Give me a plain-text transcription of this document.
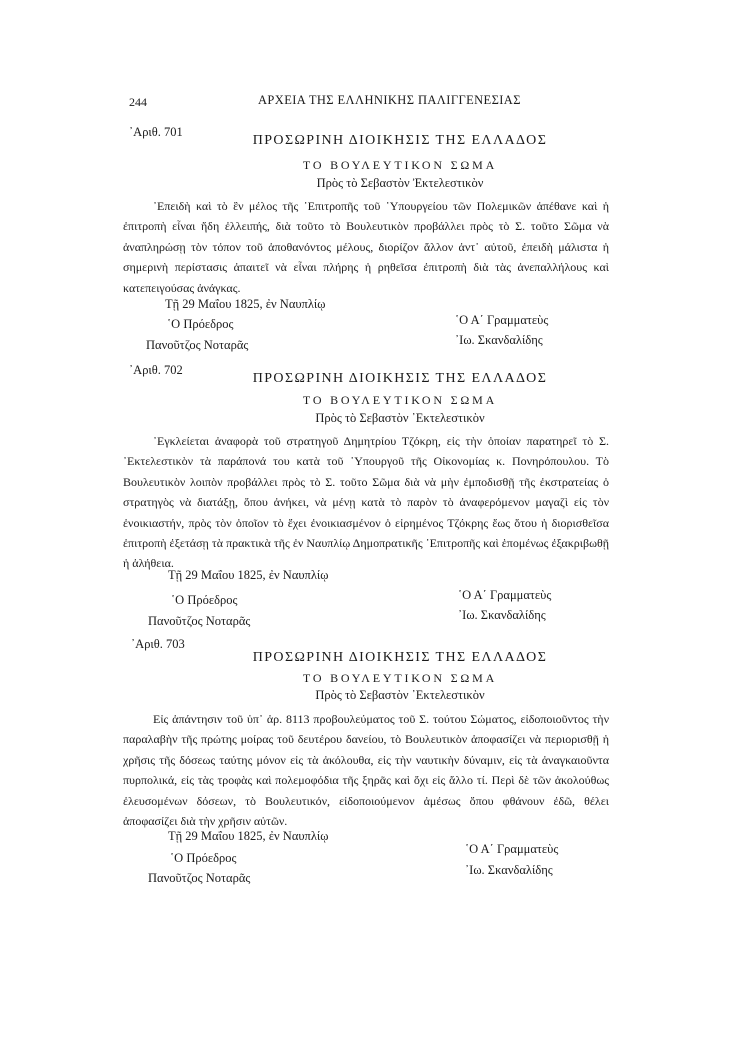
244	ΑΡΧΕΙΑ ΤΗΣ ΕΛΛΗΝΙΚΗΣ ΠΑΛΙΓΓΕΝΕΣΙΑΣ
᾿Αριθ. 701
ΠΡΟΣΩΡΙΝΗ ΔΙΟΙΚΗΣΙΣ ΤΗΣ ΕΛΛΑΔΟΣ
ΤΟ ΒΟΥΛΕΥΤΙΚΟΝ ΣΩΜΑ
Πρὸς τὸ Σεβαστὸν Ἐκτελεστικὸν
᾿Επειδὴ καὶ τὸ ἓν μέλος τῆς ᾿Επιτροπῆς τοῦ ῾Υπουργείου τῶν Πολεμικῶν ἀπέθανε καὶ ἡ ἐπιτροπὴ εἶναι ἤδη ἐλλειπής, διὰ τοῦτο τὸ Βουλευτικὸν προβάλλει πρὸς τὸ Σ. τοῦτο Σῶμα νὰ ἀναπληρώσῃ τὸν τόπον τοῦ ἀποθανόντος μέλους, διορίζον ἄλλον ἀντ᾿ αὐτοῦ, ἐπειδὴ μάλιστα ἡ σημερινὴ περίστασις ἀπαιτεῖ νὰ εἶναι πλήρης ἡ ρηθεῖσα ἐπιτροπὴ διὰ τὰς ἀνεπαλλήλους καὶ κατεπειγούσας ἀνάγκας.
Τῇ 29 Μαΐου 1825, ἐν Ναυπλίῳ
῾Ο Πρόεδρος
Πανοῦτζος Νοταρᾶς
῾Ο Α΄ Γραμματεὺς
᾿Ιω. Σκανδαλίδης
᾿Αριθ. 702
ΠΡΟΣΩΡΙΝΗ ΔΙΟΙΚΗΣΙΣ ΤΗΣ ΕΛΛΑΔΟΣ
ΤΟ ΒΟΥΛΕΥΤΙΚΟΝ ΣΩΜΑ
Πρὸς τὸ Σεβαστὸν ᾿Εκτελεστικὸν
᾿Εγκλείεται ἀναφορὰ τοῦ στρατηγοῦ Δημητρίου Τζόκρη, εἰς τὴν ὁποίαν παρατηρεῖ τὸ Σ. ᾿Εκτελεστικὸν τὰ παράπονά του κατὰ τοῦ ῾Υπουργοῦ τῆς Οἰκονομίας κ. Πονηρόπουλου. Τὸ Βουλευτικὸν λοιπὸν προβάλλει πρὸς τὸ Σ. τοῦτο Σῶμα διὰ νὰ μὴν ἐμποδισθῇ τῆς ἐκστρατείας ὁ στρατηγὸς νὰ διατάξῃ, ὅπου ἀνήκει, νὰ μένῃ κατὰ τὸ παρὸν τὸ ἀναφερόμενον μαγαζὶ εἰς τὸν ἐνοικιαστήν, πρὸς τὸν ὁποῖον τὸ ἔχει ἐνοικιασμένον ὁ εἰρημένος Τζόκρης ἕως ὅτου ἡ διορισθεῖσα ἐπιτροπὴ ἐξετάσῃ τὰ πρακτικὰ τῆς ἐν Ναυπλίῳ Δημοπρατικῆς ᾿Επιτροπῆς καὶ ἑπομένως ἐξακριβωθῇ ἡ ἀλήθεια.
Τῇ 29 Μαΐου 1825, ἐν Ναυπλίῳ
῾Ο Πρόεδρος
Πανοῦτζος Νοταρᾶς
῾Ο Α΄ Γραμματεὺς
᾿Ιω. Σκανδαλίδης
᾿Αριθ. 703
ΠΡΟΣΩΡΙΝΗ ΔΙΟΙΚΗΣΙΣ ΤΗΣ ΕΛΛΑΔΟΣ
ΤΟ ΒΟΥΛΕΥΤΙΚΟΝ ΣΩΜΑ
Πρὸς τὸ Σεβαστὸν ᾿Εκτελεστικὸν
Εἰς ἀπάντησιν τοῦ ὑπ᾿ ἀρ. 8113 προβουλεύματος τοῦ Σ. τούτου Σώματος, εἰδοποιοῦντος τὴν παραλαβὴν τῆς πρώτης μοίρας τοῦ δευτέρου δανείου, τὸ Βουλευτικὸν ἀποφασίζει νὰ περιορισθῇ ἡ χρῆσις τῆς δόσεως ταύτης μόνον εἰς τὰ ἀκόλουθα, εἰς τὴν ναυτικὴν δύναμιν, εἰς τὰ ἀναγκαιοῦντα πυρπολικά, εἰς τὰς τροφὰς καὶ πολεμοφόδια τῆς ξηρᾶς καὶ ὄχι εἰς ἄλλο τί. Περὶ δὲ τῶν ἀκολούθως ἐλευσομένων δόσεων, τὸ Βουλευτικόν, εἰδοποιούμενον ἀμέσως ὅπου φθάνουν ἐδῶ, θέλει ἀποφασίζει διὰ τὴν χρῆσιν αὐτῶν.
Τῇ 29 Μαΐου 1825, ἐν Ναυπλίῳ
῾Ο Πρόεδρος
Πανοῦτζος Νοταρᾶς
῾Ο Α΄ Γραμματεὺς
᾿Ιω. Σκανδαλίδης
